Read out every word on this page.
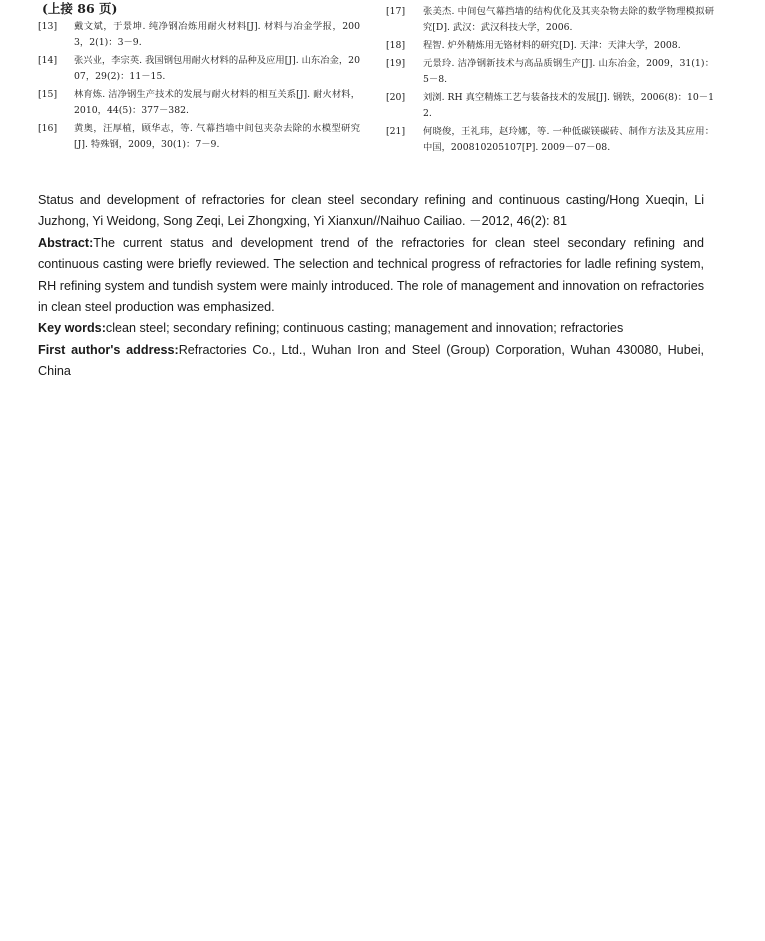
(上接 86 页)
[13]	戴文斌，于景坤. 纯净钢冶炼用耐火材料[J]. 材料与冶金学报，2003，2(1)：3－9.
[14]	张兴业，李宗英. 我国钢包用耐火材料的品种及应用[J]. 山东冶金，2007，29(2)：11－15.
[15]	林育炼. 洁净钢生产技术的发展与耐火材料的相互关系[J]. 耐火材料，2010，44(5)：377－382.
[16]	黄奥，汪厚植，顾华志，等. 气幕挡墙中间包夹杂去除的水模型研究[J]. 特殊钢，2009，30(1)：7－9.
[17]	张美杰. 中间包气幕挡墙的结构优化及其夹杂物去除的数学物理模拟研究[D]. 武汉：武汉科技大学，2006.
[18]	程智. 炉外精炼用无铬材料的研究[D]. 天津：天津大学，2008.
[19]	元景玲. 洁净钢新技术与高品质钢生产[J]. 山东冶金，2009，31(1)：5－8.
[20]	刘浏. RH 真空精炼工艺与装备技术的发展[J]. 钢铁，2006(8)：10－12.
[21]	何晓俊，王礼玮，赵玲娜，等. 一种低碳镁碳砖、制作方法及其应用：中国，200810205107[P]. 2009－07－08.

Status and development of refractories for clean steel secondary refining and continuous casting/Hong Xueqin, Li Juzhong, Yi Weidong, Song Zeqi, Lei Zhongxing, Yi Xianxun//Naihuo Cailiao. －2012, 46(2): 81

Abstract:The current status and development trend of the refractories for clean steel secondary refining and continuous casting were briefly reviewed. The selection and technical progress of refractories for ladle refining system, RH refining system and tundish system were mainly introduced. The role of management and innovation on refractories in clean steel production was emphasized.

Key words:clean steel; secondary refining; continuous casting; management and innovation; refractories

First author's address:Refractories Co., Ltd., Wuhan Iron and Steel (Group) Corporation, Wuhan 430080, Hubei, China
